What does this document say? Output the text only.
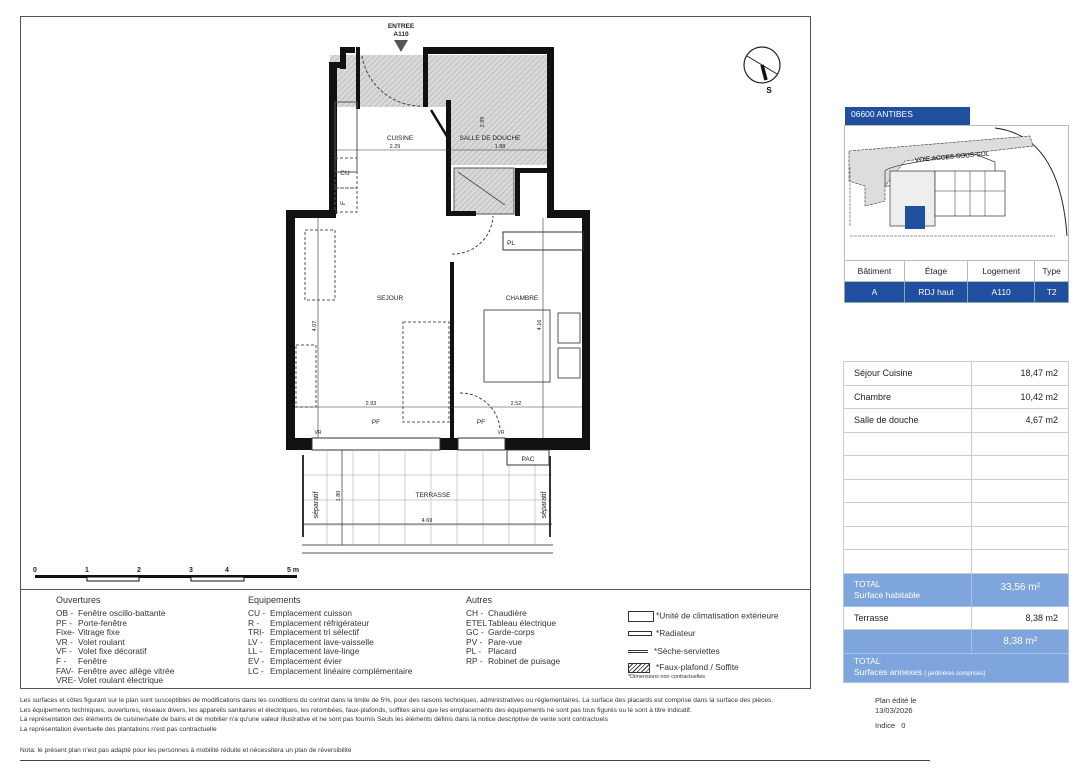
ENTREE
A110
CUISINE	SALLE DE DOUCHE
SEJOUR	CHAMBRE
TERRASSE
PL
PAC
CU
PF	PF
VR	VR
2.29	1.88
2.93	2.52
4.69
F
2.99
4.07	4.16
1.80
séparatif	séparatif
S
0	1	2	3	4	5 m
Ouvertures
OB - Fenêtre oscillo-battante
PF - Porte-fenêtre
Fixe- Vitrage fixe
VR - Volet roulant
VF - Volet fixe décoratif
F - Fenêtre
FAV- Fenêtre avec allège vitrée
VRE- Volet roulant électrique
Equipements
CU - Emplacement cuisson
R - Emplacement réfrigérateur
TRI- Emplacement tri sélectif
LV - Emplacement lave-vaisselle
LL - Emplacement lave-linge
EV - Emplacement évier
LC - Emplacement linéaire complémentaire
Autres
CH - Chaudière
ETELTableau électrique
GC - Garde-corps
PV - Pare-vue
PL - Placard
RP - Robinet de puisage
*Unité de climatisation extérieure
*Radiateur
*Sèche-serviettes
*Faux-plafond / Soffite
*Dimensions non contractuelles
Les surfaces et côtes figurant sur le plan sont susceptibles de modifications dans les conditions du contrat dans la limite de 5%, pour des raisons techniques, administratives ou réglementaires. La surface des placards est comprise dans la surface des pièces.
Les équipements techniques, ouvertures, réseaux divers, les appareils sanitaires et électriques, les retombées, faux-plafonds, soffites ainsi que les emplacements des équipements ne sont pas tous figurés ou le sont à titre indicatif.
La représentation des éléments de cuisine/salle de bains et de mobilier n'a qu'une valeur illustrative et ne sont pas fournis Seuls les éléments définis dans la notice descriptive de vente sont contractuels
La représentation éventuelle des plantations n'est pas contractuelle
Nota: le présent plan n'est pas adapté pour les personnes à mobilité réduite et nécessitera un plan de réversibilité
Plan édité le
13/03/2026
Indice   0
06600 ANTIBES
VOIE ACCES SOUS-SOL
Bâtiment	Étage	Logement	Type
A	RDJ haut	A110	T2
Séjour Cuisine	18,47 m2
Chambre	10,42 m2
Salle de douche	4,67 m2

TOTAL
Surface habitable	33,56 m²
Terrasse	8,38 m2
	8,38 m²

TOTAL
Surfaces annexes ( jardinères comprises)	
